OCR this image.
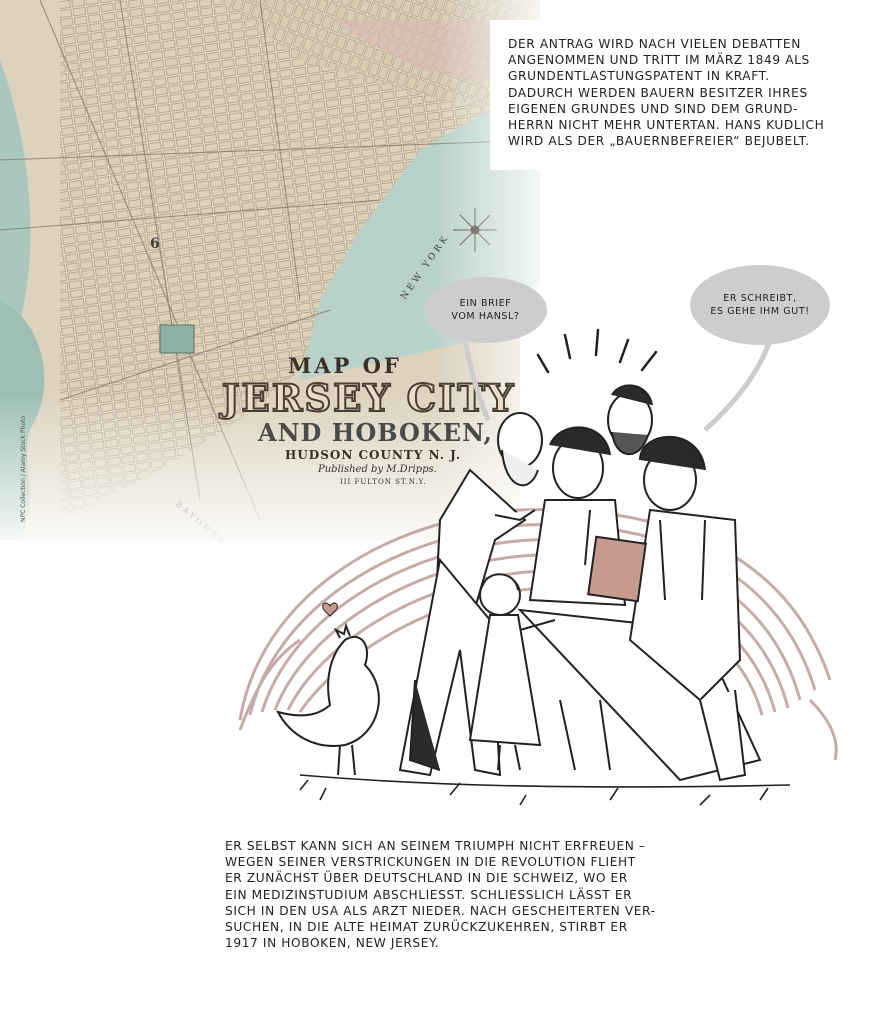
MAP OF
JERSEY CITY
AND HOBOKEN,
HUDSON COUNTY N. J.
Published by M.Dripps.
III FULTON ST.N.Y.
NPC Collection / Alamy Stock Photo

DER ANTRAG WIRD NACH VIELEN DEBATTEN
ANGENOMMEN UND TRITT IM MÄRZ 1849 ALS
GRUNDENTLASTUNGSPATENT IN KRAFT.
DADURCH WERDEN BAUERN BESITZER IHRES
EIGENEN GRUNDES UND SIND DEM GRUND-
HERRN NICHT MEHR UNTERTAN. HANS KUDLICH
WIRD ALS DER „BAUERNBEFREIER“ BEJUBELT.

ER SELBST KANN SICH AN SEINEM TRIUMPH NICHT ERFREUEN –
WEGEN SEINER VERSTRICKUNGEN IN DIE REVOLUTION FLIEHT
ER ZUNÄCHST ÜBER DEUTSCHLAND IN DIE SCHWEIZ, WO ER
EIN MEDIZINSTUDIUM ABSCHLIESST. SCHLIESSLICH LÄSST ER
SICH IN DEN USA ALS ARZT NIEDER. NACH GESCHEITERTEN VER-
SUCHEN, IN DIE ALTE HEIMAT ZURÜCKZUKEHREN, STIRBT ER
1917 IN HOBOKEN, NEW JERSEY.

EIN BRIEF
VOM HANSL?
ER SCHREIBT,
ES GEHE IHM GUT!
